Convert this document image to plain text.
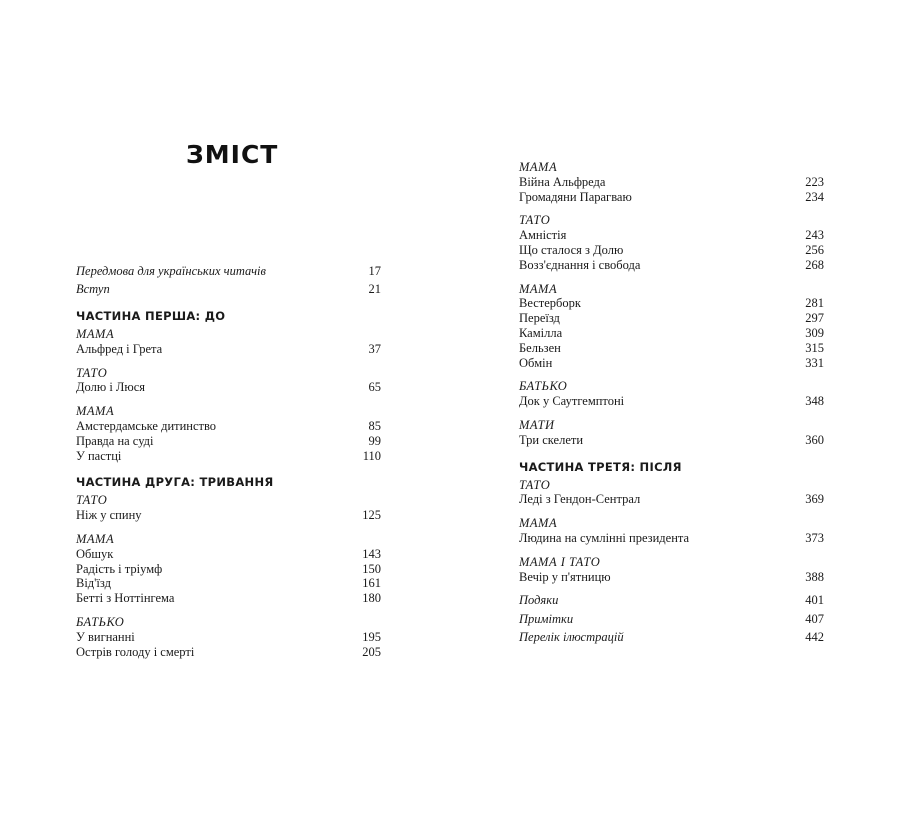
ЗМІСТ
Передмова для українських читачів	17
Вступ	21
ЧАСТИНА ПЕРША: ДО
МАМА
Альфред і Грета	37
ТАТО
Долю і Люся	65
МАМА
Амстердамське дитинство	85
Правда на суді	99
У пастці	110
ЧАСТИНА ДРУГА: ТРИВАННЯ
ТАТО
Ніж у спину	125
МАМА
Обшук	143
Радість і тріумф	150
Від'їзд	161
Бетті з Ноттінгема	180
БАТЬКО
У вигнанні	195
Острів голоду і смерті	205
МАМА
Війна Альфреда	223
Громадяни Парагваю	234
ТАТО
Амністія	243
Що сталося з Долю	256
Возз'єднання і свобода	268
МАМА
Вестерборк	281
Переїзд	297
Камілла	309
Бельзен	315
Обмін	331
БАТЬКО
Док у Саутгемптоні	348
МАТИ
Три скелети	360
ЧАСТИНА ТРЕТЯ: ПІСЛЯ
ТАТО
Леді з Гендон-Сентрал	369
МАМА
Людина на сумлінні президента	373
МАМА І ТАТО
Вечір у п'ятницю	388
Подяки	401
Примітки	407
Перелік ілюстрацій	442
